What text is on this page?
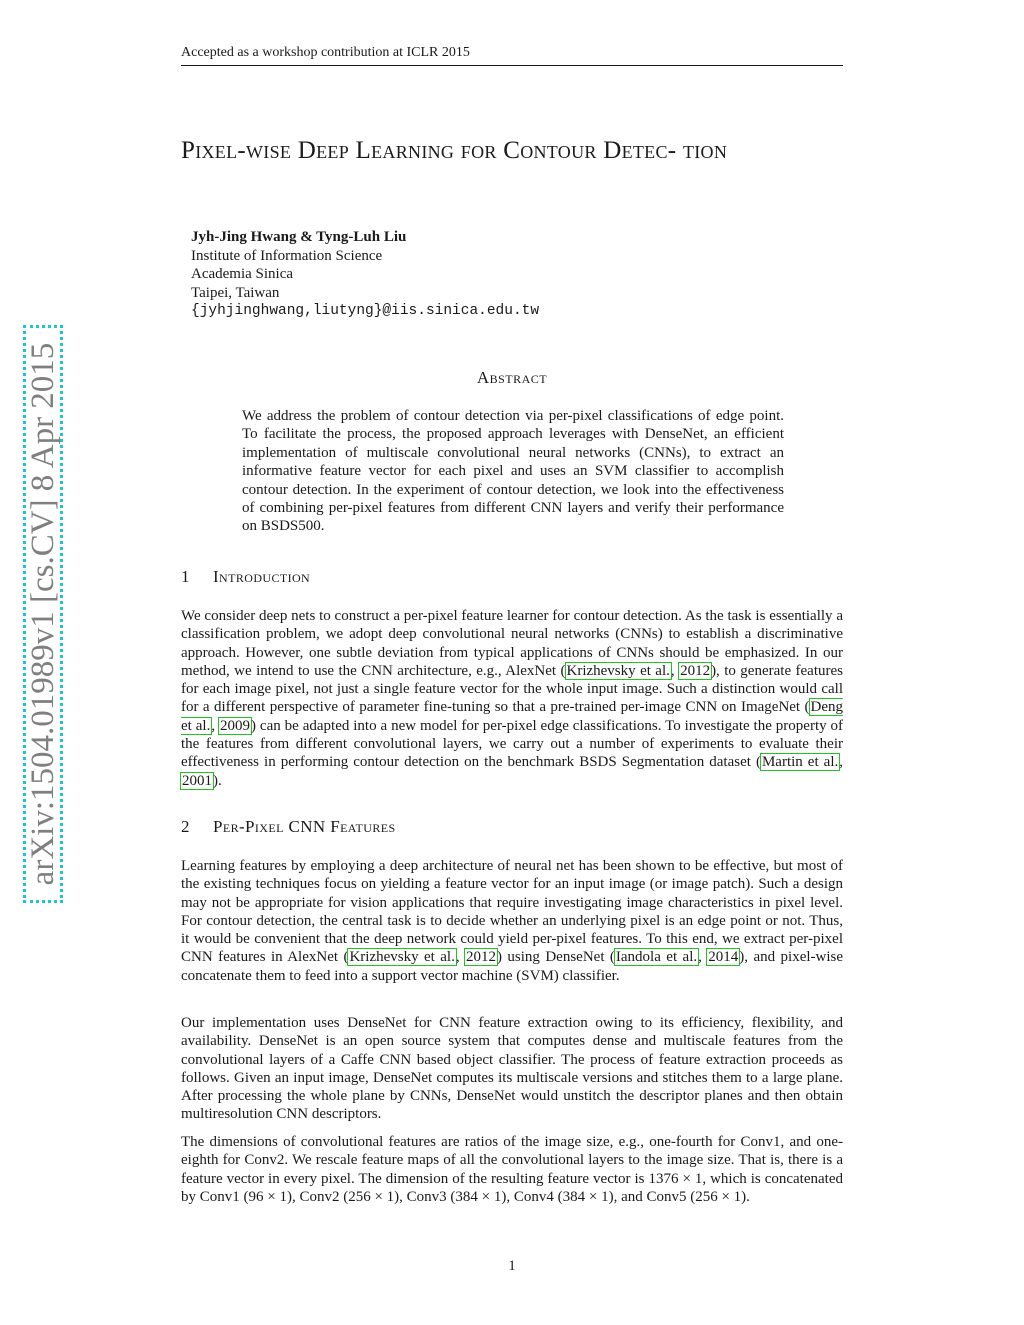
Accepted as a workshop contribution at ICLR 2015
arXiv:1504.01989v1 [cs.CV] 8 Apr 2015
Pixel-wise Deep Learning for Contour Detec- tion
Jyh-Jing Hwang & Tyng-Luh Liu
Institute of Information Science
Academia Sinica
Taipei, Taiwan
{jyhjinghwang,liutyng}@iis.sinica.edu.tw
Abstract

We address the problem of contour detection via per-pixel classifications of edge point. To facilitate the process, the proposed approach leverages with DenseNet, an efficient implementation of multiscale convolutional neural networks (CNNs), to extract an informative feature vector for each pixel and uses an SVM classifier to accomplish contour detection. In the experiment of contour detection, we look into the effectiveness of combining per-pixel features from different CNN layers and verify their performance on BSDS500.

1 Introduction

We consider deep nets to construct a per-pixel feature learner for contour detection. As the task is essentially a classification problem, we adopt deep convolutional neural networks (CNNs) to establish a discriminative approach. However, one subtle deviation from typical applications of CNNs should be emphasized. In our method, we intend to use the CNN architecture, e.g., AlexNet (Krizhevsky et al., 2012), to generate features for each image pixel, not just a single feature vector for the whole input image. Such a distinction would call for a different perspective of parameter fine-tuning so that a pre-trained per-image CNN on ImageNet (Deng et al., 2009) can be adapted into a new model for per-pixel edge classifications. To investigate the property of the features from different convolutional layers, we carry out a number of experiments to evaluate their effectiveness in performing contour detection on the benchmark BSDS Segmentation dataset (Martin et al., 2001).

2 Per-Pixel CNN Features

Learning features by employing a deep architecture of neural net has been shown to be effective, but most of the existing techniques focus on yielding a feature vector for an input image (or image patch). Such a design may not be appropriate for vision applications that require investigating image characteristics in pixel level. For contour detection, the central task is to decide whether an underlying pixel is an edge point or not. Thus, it would be convenient that the deep network could yield per-pixel features. To this end, we extract per-pixel CNN features in AlexNet (Krizhevsky et al., 2012) using DenseNet (Iandola et al., 2014), and pixel-wise concatenate them to feed into a support vector machine (SVM) classifier.

Our implementation uses DenseNet for CNN feature extraction owing to its efficiency, flexibility, and availability. DenseNet is an open source system that computes dense and multiscale features from the convolutional layers of a Caffe CNN based object classifier. The process of feature extraction proceeds as follows. Given an input image, DenseNet computes its multiscale versions and stitches them to a large plane. After processing the whole plane by CNNs, DenseNet would unstitch the descriptor planes and then obtain multiresolution CNN descriptors.

The dimensions of convolutional features are ratios of the image size, e.g., one-fourth for Conv1, and one-eighth for Conv2. We rescale feature maps of all the convolutional layers to the image size. That is, there is a feature vector in every pixel. The dimension of the resulting feature vector is 1376 × 1, which is concatenated by Conv1 (96 × 1), Conv2 (256 × 1), Conv3 (384 × 1), Conv4 (384 × 1), and Conv5 (256 × 1).

1
